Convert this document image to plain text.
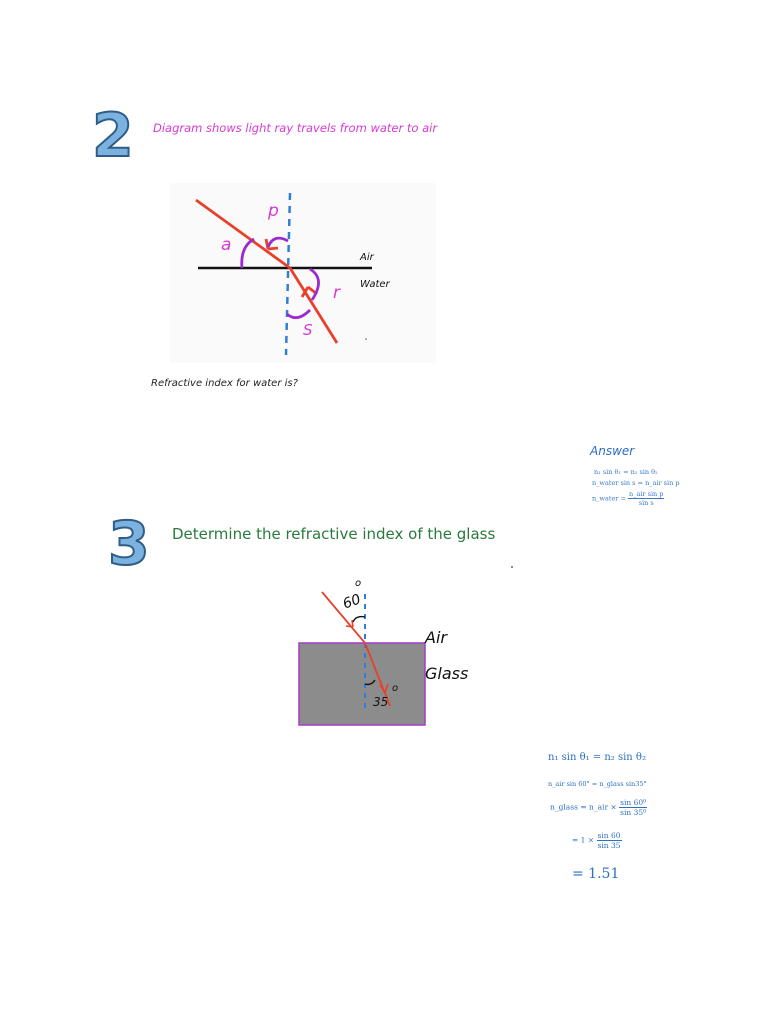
2 Diagram shows light ray travels from water to air
p
a
r
S
Air
Water
Refractive index for water is?
Answer
n₁ sin θ₁ = n₂ sin θ₂
n_water sin s = n_air sin p
n_water = $\frac{\text{n\_air sin p}}{\text{sin s}}$
3 Determine the refractive index of the glass
60
o
35
o
Air
Glass
n₁ sin θ₁ = n₂ sin θ₂
n_air sin 60° = n_glass sin35°
n_glass = n_air × $\frac{\text{sin 60⁰}}{\text{sin 35⁰}}$
= $1 \times \frac{\sin 60}{\sin 35}$
= 1.51
